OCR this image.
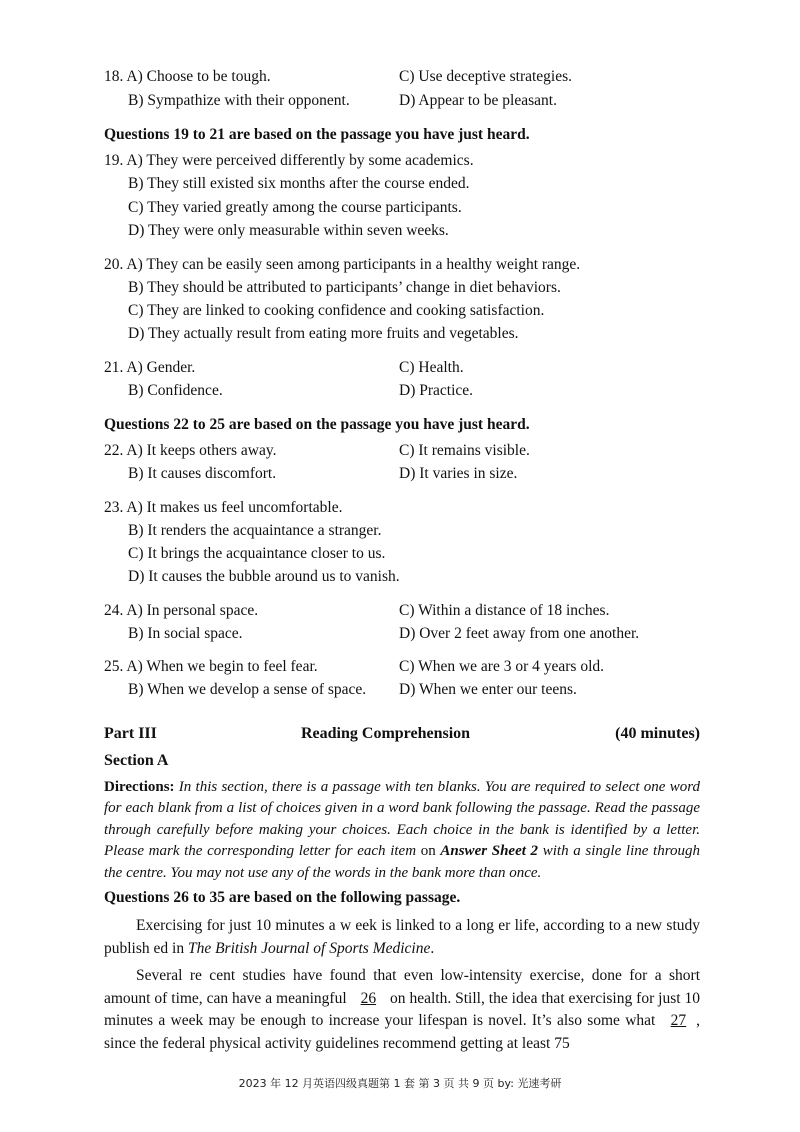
18. A) Choose to be tough.	C) Use deceptive strategies.
B) Sympathize with their opponent.	D) Appear to be pleasant.
Questions 19 to 21 are based on the passage you have just heard.
19. A) They were perceived differently by some academics.
B) They still existed six months after the course ended.
C) They varied greatly among the course participants.
D) They were only measurable within seven weeks.
20. A) They can be easily seen among participants in a healthy weight range.
B) They should be attributed to participants’ change in diet behaviors.
C) They are linked to cooking confidence and cooking satisfaction.
D) They actually result from eating more fruits and vegetables.
21. A) Gender.	C) Health.
B) Confidence.	D) Practice.
Questions 22 to 25 are based on the passage you have just heard.
22. A) It keeps others away.	C) It remains visible.
B) It causes discomfort.	D) It varies in size.
23. A) It makes us feel uncomfortable.
B) It renders the acquaintance a stranger.
C) It brings the acquaintance closer to us.
D) It causes the bubble around us to vanish.
24. A) In personal space.	C) Within a distance of 18 inches.
B) In social space.	D) Over 2 feet away from one another.
25. A) When we begin to feel fear.	C) When we are 3 or 4 years old.
B) When we develop a sense of space. D) When we enter our teens.
Part III	Reading Comprehension	(40 minutes)
Section A
Directions: In this section, there is a passage with ten blanks. You are required to select one word for each blank from a list of choices given in a word bank following the passage. Read the passage through carefully before making your choices. Each choice in the bank is identified by a letter. Please mark the corresponding letter for each item on Answer Sheet 2 with a single line through the centre. You may not use any of the words in the bank more than once.
Questions 26 to 35 are based on the following passage.
Exercising for just 10 minutes a w eek is linked to a long er life, according to a new study publish ed in The British Journal of Sports Medicine.
Several re cent studies have found that even low-intensity exercise, done for a short amount of time, can have a meaningful 26 on health. Still, the idea that exercising for just 10 minutes a week may be enough to increase your lifespan is novel. It’s also some what 27 , since the federal physical activity guidelines recommend getting at least 75
2023 年 12 月英语四级真题第 1 套 第 3 页 共 9 页 by: 光速考研
